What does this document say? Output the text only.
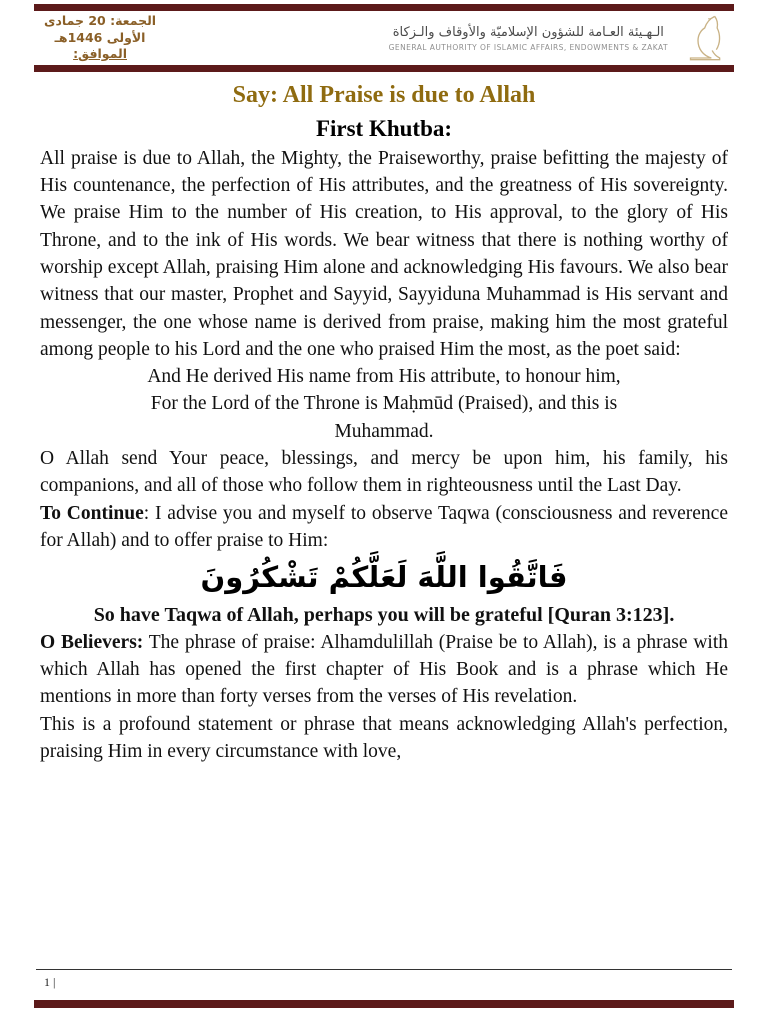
الجمعة: 20 جمادى
الأولى 1446هـ
الموافق:
الـهـيئة العـامة للشؤون الإسلاميّة والأوقاف والـزكاة
GENERAL AUTHORITY OF ISLAMIC AFFAIRS, ENDOWMENTS & ZAKAT
Say: All Praise is due to Allah
First Khutba:

All praise is due to Allah, the Mighty, the Praiseworthy, praise befitting the majesty of His countenance, the perfection of His attributes, and the greatness of His sovereignty. We praise Him to the number of His creation, to His approval, to the glory of His Throne, and to the ink of His words. We bear witness that there is nothing worthy of worship except Allah, praising Him alone and acknowledging His favours. We also bear witness that our master, Prophet and Sayyid, Sayyiduna Muhammad is His servant and messenger, the one whose name is derived from praise, making him the most grateful among people to his Lord and the one who praised Him the most, as the poet said:

And He derived His name from His attribute, to honour him,

For the Lord of the Throne is Maḥmūd (Praised), and this is

Muhammad.

O Allah send Your peace, blessings, and mercy be upon him, his family, his companions, and all of those who follow them in righteousness until the Last Day.

To Continue: I advise you and myself to observe Taqwa (consciousness and reverence for Allah) and to offer praise to Him:

فَاتَّقُوا اللَّهَ لَعَلَّكُمْ تَشْكُرُونَ

So have Taqwa of Allah, perhaps you will be grateful [Quran 3:123].

O Believers: The phrase of praise: Alhamdulillah (Praise be to Allah), is a phrase with which Allah has opened the first chapter of His Book and is a phrase which He mentions in more than forty verses from the verses of His revelation.

This is a profound statement or phrase that means acknowledging Allah's perfection, praising Him in every circumstance with love,

1 |
